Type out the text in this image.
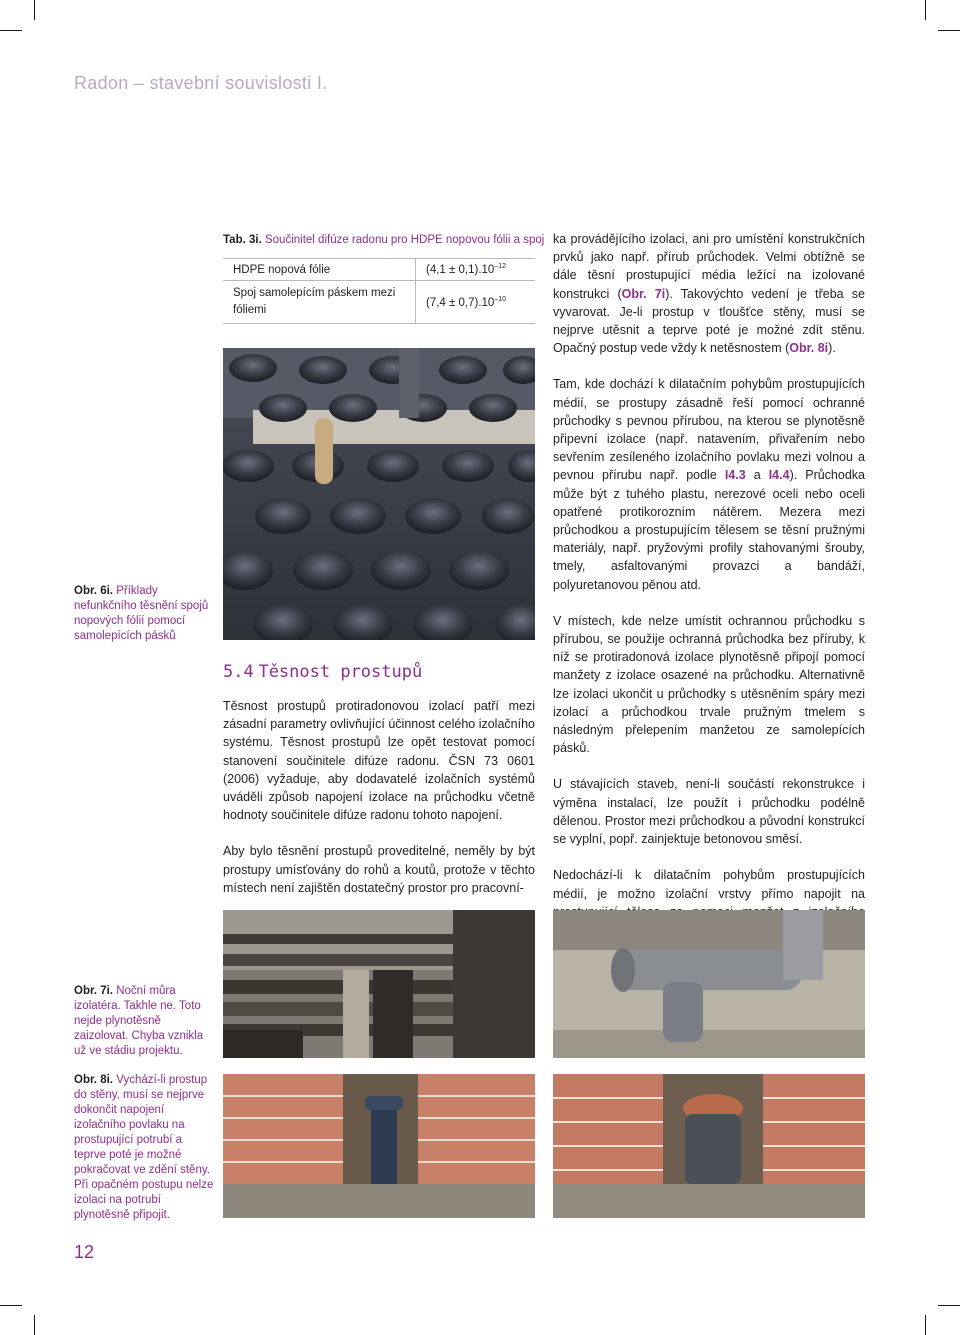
Radon – stavební souvislosti I.
Tab. 3i. Součinitel difúze radonu pro HDPE nopovou fólii a spoj
HDPE nopová fólie	$(4,1 \pm 0,1).10^{-12}$
Spoj samolepícím páskem mezi fóliemi	$(7,4 \pm 0,7).10^{-10}$
Obr. 6i. Příklady nefunkčního těsnění spojů nopových fólií pomocí samolepících pásků
5.4 Těsnost prostupů

Těsnost prostupů protiradonovou izolací patří mezi zásadní parametry ovlivňující účinnost celého izolačního systému. Těsnost prostupů lze opět testovat pomocí stanovení součinitele difúze radonu. ČSN 73 0601 (2006) vyžaduje, aby dodavatelé izolačních systémů uváděli způsob napojení izolace na průchodku včetně hodnoty součinitele difúze radonu tohoto napojení.

Aby bylo těsnění prostupů proveditelné, neměly by být prostupy umísťovány do rohů a koutů, protože v těchto místech není zajištěn dostatečný prostor pro pracovní-

ka provádějícího izolaci, ani pro umístění konstrukčních prvků jako např. přírub průchodek. Velmi obtížně se dále těsní prostupující média ležící na izolované konstrukci (Obr. 7i). Takovýchto vedení je třeba se vyvarovat. Je-li prostup v tloušťce stěny, musí se nejprve utěsnit a teprve poté je možné zdít stěnu. Opačný postup vede vždy k netěsnostem (Obr. 8i).

Tam, kde dochází k dilatačním pohybům prostupujících médií, se prostupy zásadně řeší pomocí ochranné průchodky s pevnou přírubou, na kterou se plynotěsně připevní izolace (např. natavením, přivařením nebo sevřením zesíleného izolačního povlaku mezi volnou a pevnou přírubu např. podle I4.3 a I4.4). Průchodka může být z tuhého plastu, nerezové oceli nebo oceli opatřené protikorozním nátěrem. Mezera mezi průchodkou a prostupujícím tělesem se těsní pružnými materiály, např. pryžovými profily stahovanými šrouby, tmely, asfaltovanými provazci a bandáží, polyuretanovou pěnou atd.

V místech, kde nelze umístit ochrannou průchodku s přírubou, se použije ochranná průchodka bez příruby, k níž se protiradonová izolace plynotěsně připojí pomocí manžety z izolace osazené na průchodku. Alternativně lze izolaci ukončit u průchodky s utěsněním spáry mezi izolací a průchodkou trvale pružným tmelem s následným přelepením manžetou ze samolepících pásků.

U stávajících staveb, není-li součástí rekonstrukce i výměna instalací, lze použít i průchodku podélně dělenou. Prostor mezi průchodkou a původní konstrukcí se vyplní, popř. zainjektuje betonovou směsí.

Nedochází-li k dilatačním pohybům prostupujících médií, je možno izolační vrstvy přímo napojit na

Obr. 7i. Noční můra izolatéra. Takhle ne. Toto nejde plynotěsně zaizolovat. Chyba vznikla už ve stádiu projektu.
Obr. 8i. Vychází-li prostup do stěny, musí se nejprve dokončit napojení izolačního povlaku na prostupující potrubí a teprve poté je možné pokračovat ve zdění stěny. Při opačném postupu nelze izolaci na potrubí plynotěsně připojit.
12
